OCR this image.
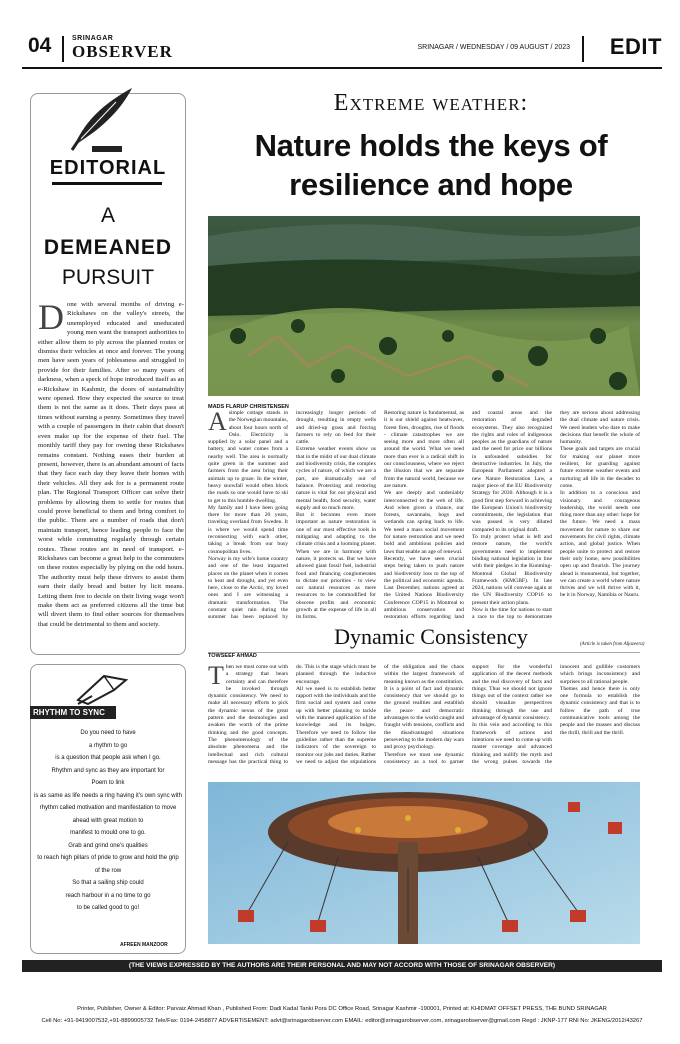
04	SRINAGAR
OBSERVER	SRINAGAR / WEDNESDAY / 09 AUGUST / 2023 EDIT
EDITORIAL
A
DEMEANED
PURSUIT
Done with several months of driving e-Rickshaws on the valley's streets, the unemployed educated and uneducated young men want the transport authorities to either allow them to ply across the planned routes or dismiss their vehicles at once and forever. The young men have seen years of joblessness and struggled to provide for their families. After so many years of darkness, when a speck of hope introduced itself as an e-Rickshaw in Kashmir, the doors of sustainability were opened. How they expected the source to treat them is not the same as it does. Their days pass at times without earning a penny. Sometimes they travel with a couple of passengers in their cabin that doesn't even make up for the expense of their fuel. The monthly tariff they pay for owning these Rickshaws remains constant. Nothing eases their burden at present, however, there is an abundant amount of facts that they face each day they leave their homes with their vehicles. All they ask for is a permanent route plan. The Regional Transport Officer can solve their problems by allowing them to settle for routes that could prove beneficial to them and bring comfort to the public. There are a number of roads that don't maintain transport, hence leading people to face the worst while commuting regularly through certain routes. These routes are in need of transport. e-Rickshaws can become a great help to the commuters on these routes especially by plying on the odd hours. The authority must help these drivers to assist them earn their daily bread and butter by licit means. Letting them free to decide on their living wage won't make them act as preferred citizens all the time but will divert them to find other sources for themselves that could be detrimental to them and society.
RHYTHM TO SYNC
Do you need to have
a rhythm to go
is a question that people ask when I go.
Rhythm and sync as they are important for
Poem to link
is as same as life needs a ring having it's own sync with
rhythm called motivation and manifestation to move
ahead with great motion to
manifest to mould one to go.
Grab and grind one's qualities
to reach high pillars of pride to grow and hold the grip
of the row
So that a sailing ship could
reach harbour in a no time to go
to be called good to go!
AFREEN MANZOOR
Extreme weather:
Nature holds the keys of resilience and hope
MADS FLARUP CHRISTENSEN

Asimple cottage stands in the Norwegian mountains, about four hours north of Oslo. Electricity is supplied by a solar panel and a battery, and water comes from a nearby well. The area is normally quite green in the summer and farmers from the area bring their animals up to graze. In the winter, heavy snowfall would often block the roads so one would have to ski to get to this humble dwelling.

My family and I have been going there for more than 20 years, traveling overland from Sweden. It is where we would spend time reconnecting with each other, taking a break from our busy cosmopolitan lives.

Norway is my wife's home country and one of the least impacted places on the planet when it comes to heat and drought, and yet even here, close to the Arctic, my loved ones and I are witnessing a dramatic transformation. The constant quiet rain during the summer has been replaced by increasingly longer periods of drought, resulting in empty wells and dried-up grass and forcing farmers to rely on feed for their cattle.

Extreme weather events show us that in the midst of our dual climate and biodiversity crisis, the complex cycles of nature, of which we are a part, are dramatically out of balance. Protecting and restoring nature is vital for our physical and mental health, food security, water supply and so much more.

But it becomes even more important as nature restoration is one of our most effective tools in mitigating and adapting to the climate crisis and a looming planet. When we are in harmony with nature, it protects us. But we have allowed giant fossil fuel, industrial food and financing conglomerates to dictate our priorities - to view our natural resources as mere resources to be commodified for obscene profits and economic growth at the expense of life in all its forms.

Restoring nature is fundamental, as it is our shield against heatwaves, forest fires, droughts, rise of floods - climate catastrophes we are seeing more and more often all around the world. What we need more than ever is a radical shift in our consciousness, where we reject the illusion that we are separate from the natural world, because we are nature.

We are deeply and undeniably interconnected to the web of life. And when given a chance, our forests, savannahs, bogs and wetlands can spring back to life. We need a mass social movement for nature restoration and we need bold and ambitious policies and laws that enable an age of renewal.

Recently, we have seen crucial steps being taken to push nature and biodiversity loss to the top of the political and economic agenda. Last December, nations agreed at the United Nations Biodiversity Conference COP15 in Montreal to ambitious conservation and restoration efforts regarding land and coastal areas and the restoration of degraded ecosystems. They also recognized the rights and roles of indigenous peoples as the guardians of nature and the need for price our billions in unfounded subsidies for destructive industries. In July, the European Parliament adopted a new Nature Restoration Law, a major piece of the EU Biodiversity Strategy for 2030. Although it is a good first step forward in achieving the European Union's biodiversity commitments, the legislation that was passed is very diluted compared to its original draft.

To truly protect what is left and restore nature, the world's governments need to implement binding national legislation in line with their pledges in the Kunming-Montreal Global Biodiversity Framework (KMGBF). In late 2024, nations will convene again at the UN Biodiversity COP16 to present their action plans.

Now is the time for nations to start a race to the top to demonstrate they are serious about addressing the dual climate and nature crisis. We need leaders who dare to make decisions that benefit the whole of humanity.

These goals and targets are crucial for making our planet more resilient, for guarding against future extreme weather events and nurturing all life in the decades to come.

In addition to a conscious and visionary and courageous leadership, the world needs one thing more than any other: hope for the future. We need a mass movement for nature to share our movements for civil rights, climate action, and global justice. When people unite to protect and restore their only home, new possibilities open up and flourish. The journey ahead is monumental, but together, we can create a world where nature thrives and we will thrive with it, be it in Norway, Namibia or Nauru.

(Article is taken from Aljazeera)
Dynamic Consistency
TOWSEEF AHMAD

Then we must come out with a strategy that bears certainty and can therefore be invoked through dynamic consistency. We need to make all necessary efforts to pick the dynamic nexus of the great pattern and the desmologies and awaken the worth of the prime thinking and the good concepts. The phenomenology of the absolute phenomena and the intellectual and rich cultural message has the practical thing to do. This is the stage which must be planned through the inductive encourage.

All we need is to establish better rapport with the individuals and the firm social and system and come up with better planning to tackle with the manned application of the knowledge and its bulges. Therefore we need to follow the guideline rather than the supreme indicators of the sovereign to monitor our jobs and duties. Rather we need to adjust the stipulations of the obligation and the chaos within the largest framework of meaning known as the constitution.

It is a point of fact and dynamic consistency that we should go to the ground realities and establish the peace and democratic advantages to the world caught and fraught with tensions, conflicts and the disadvantaged situations persevering to the modern day wars and proxy psychology.

Therefore we must use dynamic consistency as a tool to garner support for the wonderful application of the decent methods and the real discovery of facts and things. Thus we should not ignore things out of the context rather we should visualize perspectives thinking through the use and advantage of dynamic consistency.

In this vein and according to this framework of actions and intentions we need to come up with master coverage and advanced thinking and nullify the myth and the wrong pulses towards the innocent and gullible customers which brings inconsistency and surprises to all rational people.

Themes and hence there is only one formula to establish the dynamic consistency and that is to follow the path of true communicative tools among the people and the masses and discuss the thrill, thrill and the thrill.

(THE VIEWS EXPRESSED BY THE AUTHORS ARE THEIR PERSONAL AND MAY NOT ACCORD WITH THOSE OF SRINAGAR OBSERVER)
Printer, Publisher, Owner & Editor: Parvaiz Ahmad Khan , Published From: Dadi Kadal Tanki Pora DC Office Road, Srinagar Kashmir -190001, Printed at: KHIDMAT OFFSET PRESS, THE BUND SRINAGAR
Cell No: +91-9419007532,+91-8899005732 Tele/Fax: 0194-2458877 ADVERTISEMENT: advt@srinagarobserver.com EMAIL: editor@srinagarobserver.com, srinagarobserver@gmail.com Regd : JKNP-177 RNI No: JKENG/2012/43267
